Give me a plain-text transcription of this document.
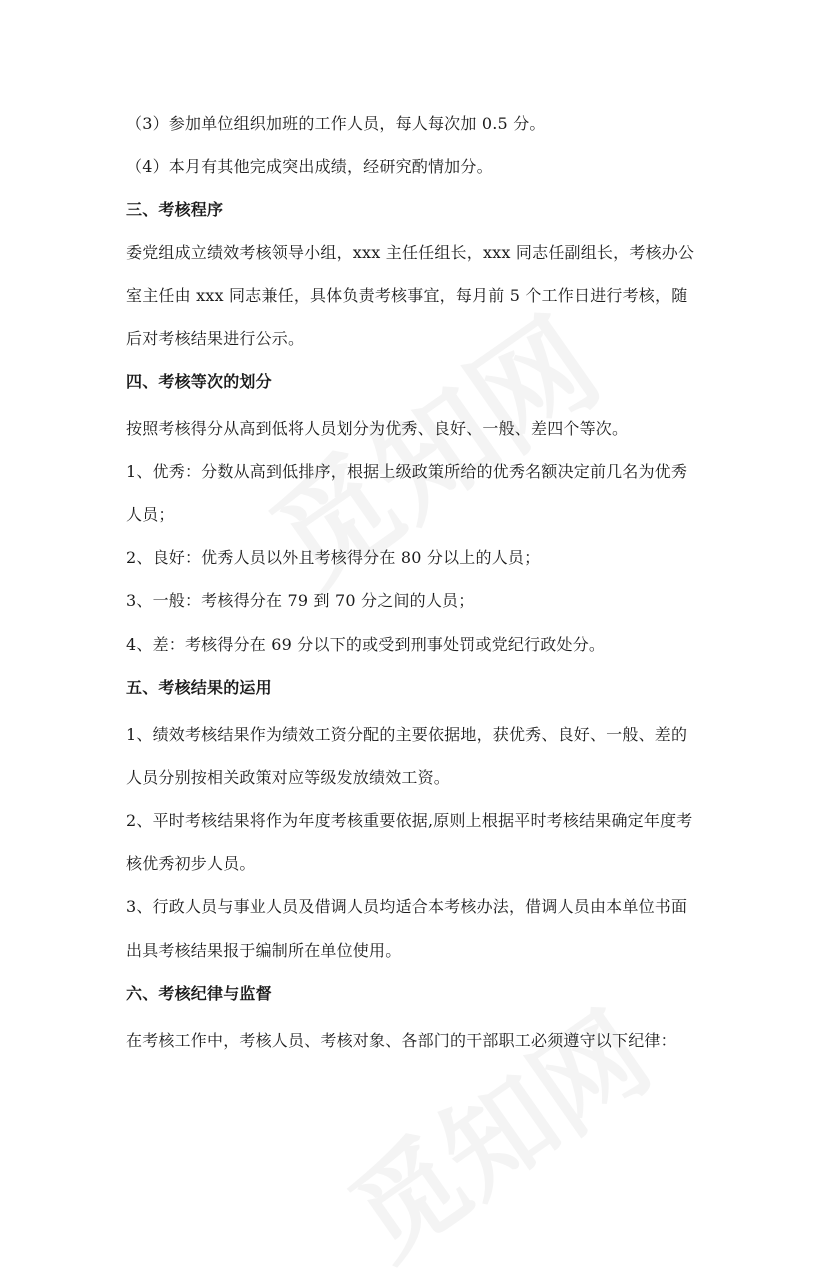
（3）参加单位组织加班的工作人员，每人每次加 0.5 分。
（4）本月有其他完成突出成绩，经研究酌情加分。
三、考核程序
委党组成立绩效考核领导小组，xxx 主任任组长，xxx 同志任副组长，考核办公
室主任由 xxx 同志兼任，具体负责考核事宜，每月前 5 个工作日进行考核，随
后对考核结果进行公示。
四、考核等次的划分
按照考核得分从高到低将人员划分为优秀、良好、一般、差四个等次。
1、优秀：分数从高到低排序，根据上级政策所给的优秀名额决定前几名为优秀
人员；
2、良好：优秀人员以外且考核得分在 80 分以上的人员；
3、一般：考核得分在 79 到 70 分之间的人员；
4、差：考核得分在 69 分以下的或受到刑事处罚或党纪行政处分。
五、考核结果的运用
1、绩效考核结果作为绩效工资分配的主要依据地，获优秀、良好、一般、差的
人员分别按相关政策对应等级发放绩效工资。
2、平时考核结果将作为年度考核重要依据,原则上根据平时考核结果确定年度考
核优秀初步人员。
3、行政人员与事业人员及借调人员均适合本考核办法，借调人员由本单位书面
出具考核结果报于编制所在单位使用。
六、考核纪律与监督
在考核工作中，考核人员、考核对象、各部门的干部职工必须遵守以下纪律：
